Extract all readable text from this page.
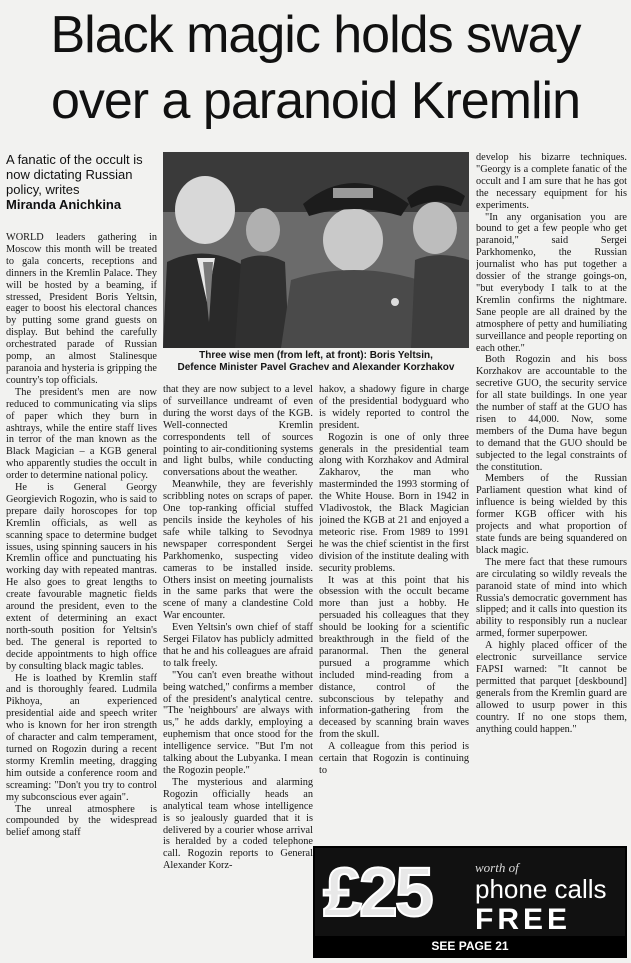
Black magic holds sway
over a paranoid Kremlin
A fanatic of the occult is now dictating Russian policy, writes
Miranda Anichkina
Three wise men (from left, at front): Boris Yeltsin,
Defence Minister Pavel Grachev and Alexander Korzhakov

WORLD leaders gathering in Moscow this month will be treated to gala concerts, receptions and dinners in the Kremlin Palace. They will be hosted by a beaming, if stressed, President Boris Yeltsin, eager to boost his electoral chances by putting some grand guests on display. But behind the carefully orchestrated parade of Russian pomp, an almost Stalinesque paranoia and hysteria is gripping the country's top officials.

The president's men are now reduced to communicating via slips of paper which they burn in ashtrays, while the entire staff lives in terror of the man known as the Black Magician – a KGB general who apparently studies the occult in order to determine national policy.

He is General Georgy Georgievich Rogozin, who is said to prepare daily horoscopes for top Kremlin officials, as well as scanning space to determine budget issues, using spinning saucers in his Kremlin office and punctuating his working day with repeated mantras. He also goes to great lengths to create favourable magnetic fields around the president, even to the extent of determining an exact north-south position for Yeltsin's bed. The general is reported to decide appointments to high office by consulting black magic tables.

He is loathed by Kremlin staff and is thoroughly feared. Ludmila Pikhoya, an experienced presidential aide and speech writer who is known for her iron strength of character and calm temperament, turned on Rogozin during a recent stormy Kremlin meeting, dragging him outside a conference room and screaming: "Don't you try to control my subconscious ever again".

The unreal atmosphere is compounded by the widespread belief among staff

that they are now subject to a level of surveillance undreamt of even during the worst days of the KGB. Well-connected Kremlin correspondents tell of sources pointing to air-conditioning systems and light bulbs, while conducting conversations about the weather.

Meanwhile, they are feverishly scribbling notes on scraps of paper. One top-ranking official stuffed pencils inside the keyholes of his safe while talking to Sevodnya newspaper correspondent Sergei Parkhomenko, suspecting video cameras to be installed inside. Others insist on meeting journalists in the same parks that were the scene of many a clandestine Cold War encounter.

Even Yeltsin's own chief of staff Sergei Filatov has publicly admitted that he and his colleagues are afraid to talk freely.

"You can't even breathe without being watched," confirms a member of the president's analytical centre. "The 'neighbours' are always with us," he adds darkly, employing a euphemism that once stood for the intelligence service. "But I'm not talking about the Lubyanka. I mean the Rogozin people."

The mysterious and alarming Rogozin officially heads an analytical team whose intelligence is so jealously guarded that it is delivered by a courier whose arrival is heralded by a coded telephone call. Rogozin reports to General Alexander Korz-

hakov, a shadowy figure in charge of the presidential bodyguard who is widely reported to control the president.

Rogozin is one of only three generals in the presidential team along with Korzhakov and Admiral Zakharov, the man who masterminded the 1993 storming of the White House. Born in 1942 in Vladivostok, the Black Magician joined the KGB at 21 and enjoyed a meteoric rise. From 1989 to 1991 he was the chief scientist in the first division of the institute dealing with security problems.

It was at this point that his obsession with the occult became more than just a hobby. He persuaded his colleagues that they should be looking for a scientific breakthrough in the field of the paranormal. Then the general pursued a programme which included mind-reading from a distance, control of the subconscious by telepathy and information-gathering from the deceased by scanning brain waves from the skull.

A colleague from this period is certain that Rogozin is continuing to

develop his bizarre techniques. "Georgy is a complete fanatic of the occult and I am sure that he has got the necessary equipment for his experiments.

"In any organisation you are bound to get a few people who get paranoid," said Sergei Parkhomenko, the Russian journalist who has put together a dossier of the strange goings-on, "but everybody I talk to at the Kremlin confirms the nightmare. Sane people are all drained by the atmosphere of petty and humiliating surveillance and people reporting on each other."

Both Rogozin and his boss Korzhakov are accountable to the secretive GUO, the security service for all state buildings. In one year the number of staff at the GUO has risen to 44,000. Now, some members of the Duma have begun to demand that the GUO should be subjected to the legal constraints of the constitution.

Members of the Russian Parliament question what kind of influence is being wielded by this former KGB officer with his projects and what proportion of state funds are being squandered on black magic.

The mere fact that these rumours are circulating so wildly reveals the paranoid state of mind into which Russia's democratic government has slipped; and it calls into question its ability to responsibly run a nuclear armed, former superpower.

A highly placed officer of the electronic surveillance service FAPSI warned: "It cannot be permitted that parquet [deskbound] generals from the Kremlin guard are allowed to usurp power in this country. If no one stops them, anything could happen."

£25	worth of
phone calls
FREE
SEE PAGE 21
